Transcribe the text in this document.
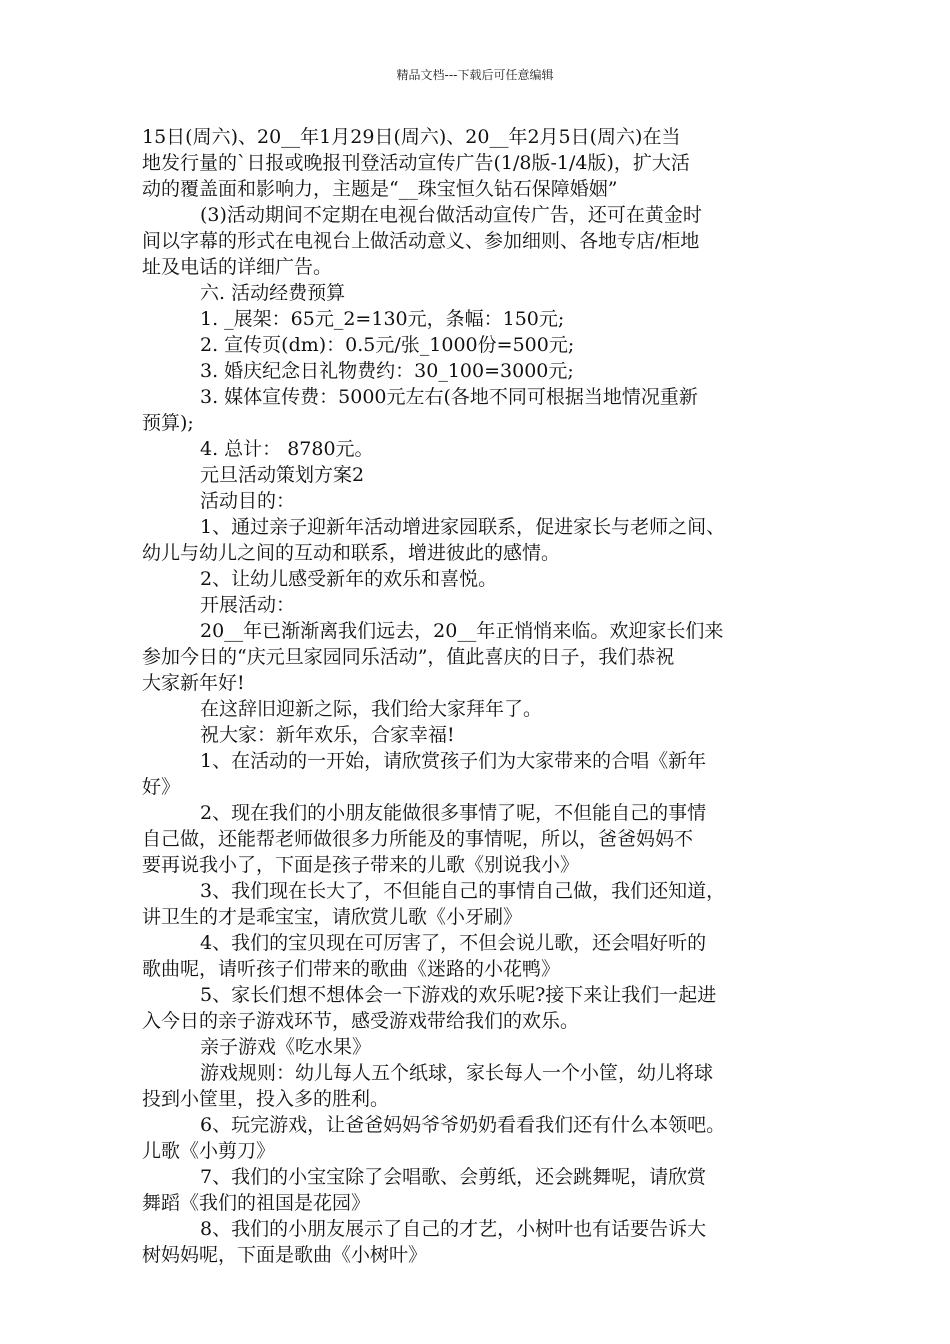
精品文档---下载后可任意编辑
15日(周六)、20__年1月29日(周六)、20__年2月5日(周六)在当
地发行量的`日报或晚报刊登活动宣传广告(1/8版-1/4版)，扩大活
动的覆盖面和影响力，主题是“__珠宝恒久钻石保障婚姻”
(3)活动期间不定期在电视台做活动宣传广告，还可在黄金时
间以字幕的形式在电视台上做活动意义、参加细则、各地专店/柜地
址及电话的详细广告。
六. 活动经费预算
1. _展架：65元_2=130元，条幅：150元;
2. 宣传页(dm)：0.5元/张_1000份=500元;
3. 婚庆纪念日礼物费约：30_100=3000元;
3. 媒体宣传费：5000元左右(各地不同可根据当地情况重新
预算);
4. 总计： 8780元。
元旦活动策划方案2
活动目的：
1、通过亲子迎新年活动增进家园联系，促进家长与老师之间、
幼儿与幼儿之间的互动和联系，增进彼此的感情。
2、让幼儿感受新年的欢乐和喜悦。
开展活动：
20__年已渐渐离我们远去，20__年正悄悄来临。欢迎家长们来
参加今日的“庆元旦家园同乐活动”，值此喜庆的日子，我们恭祝
大家新年好!
在这辞旧迎新之际，我们给大家拜年了。
祝大家：新年欢乐，合家幸福!
1、在活动的一开始，请欣赏孩子们为大家带来的合唱《新年
好》
2、现在我们的小朋友能做很多事情了呢，不但能自己的事情
自己做，还能帮老师做很多力所能及的事情呢，所以，爸爸妈妈不
要再说我小了，下面是孩子带来的儿歌《别说我小》
3、我们现在长大了，不但能自己的事情自己做，我们还知道，
讲卫生的才是乖宝宝，请欣赏儿歌《小牙刷》
4、我们的宝贝现在可厉害了，不但会说儿歌，还会唱好听的
歌曲呢，请听孩子们带来的歌曲《迷路的小花鸭》
5、家长们想不想体会一下游戏的欢乐呢?接下来让我们一起进
入今日的亲子游戏环节，感受游戏带给我们的欢乐。
亲子游戏《吃水果》
游戏规则：幼儿每人五个纸球，家长每人一个小筐，幼儿将球
投到小筐里，投入多的胜利。
6、玩完游戏，让爸爸妈妈爷爷奶奶看看我们还有什么本领吧。
儿歌《小剪刀》
7、我们的小宝宝除了会唱歌、会剪纸，还会跳舞呢，请欣赏
舞蹈《我们的祖国是花园》
8、我们的小朋友展示了自己的才艺，小树叶也有话要告诉大
树妈妈呢，下面是歌曲《小树叶》
